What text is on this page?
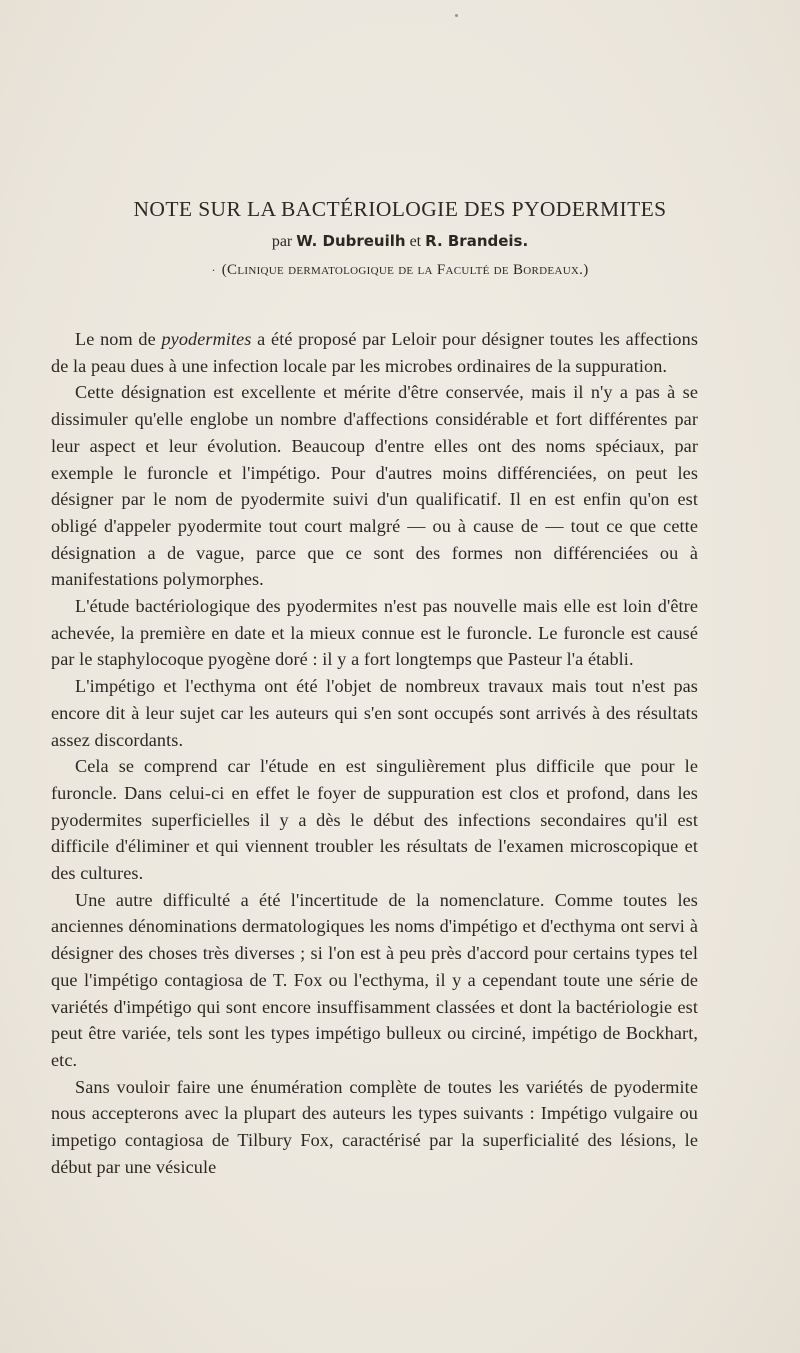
NOTE SUR LA BACTÉRIOLOGIE DES PYODERMITES
par W. Dubreuilh et R. Brandeis.
· (Clinique dermatologique de la Faculté de Bordeaux.)

Le nom de pyodermites a été proposé par Leloir pour désigner toutes les affections de la peau dues à une infection locale par les microbes ordinaires de la suppuration.

Cette désignation est excellente et mérite d'être conservée, mais il n'y a pas à se dissimuler qu'elle englobe un nombre d'affections considérable et fort différentes par leur aspect et leur évolution. Beaucoup d'entre elles ont des noms spéciaux, par exemple le furoncle et l'impétigo. Pour d'autres moins différenciées, on peut les désigner par le nom de pyodermite suivi d'un qualificatif. Il en est enfin qu'on est obligé d'appeler pyodermite tout court malgré — ou à cause de — tout ce que cette désignation a de vague, parce que ce sont des formes non différenciées ou à manifestations polymorphes.

L'étude bactériologique des pyodermites n'est pas nouvelle mais elle est loin d'être achevée, la première en date et la mieux connue est le furoncle. Le furoncle est causé par le staphylocoque pyogène doré : il y a fort longtemps que Pasteur l'a établi.

L'impétigo et l'ecthyma ont été l'objet de nombreux travaux mais tout n'est pas encore dit à leur sujet car les auteurs qui s'en sont occupés sont arrivés à des résultats assez discordants.

Cela se comprend car l'étude en est singulièrement plus difficile que pour le furoncle. Dans celui-ci en effet le foyer de suppuration est clos et profond, dans les pyodermites superficielles il y a dès le début des infections secondaires qu'il est difficile d'éliminer et qui viennent troubler les résultats de l'examen microscopique et des cultures.

Une autre difficulté a été l'incertitude de la nomenclature. Comme toutes les anciennes dénominations dermatologiques les noms d'impétigo et d'ecthyma ont servi à désigner des choses très diverses ; si l'on est à peu près d'accord pour certains types tel que l'impétigo contagiosa de T. Fox ou l'ecthyma, il y a cependant toute une série de variétés d'impétigo qui sont encore insuffisamment classées et dont la bactériologie est peut être variée, tels sont les types impétigo bulleux ou circiné, impétigo de Bockhart, etc.

Sans vouloir faire une énumération complète de toutes les variétés de pyodermite nous accepterons avec la plupart des auteurs les types suivants : Impétigo vulgaire ou impetigo contagiosa de Tilbury Fox, caractérisé par la superficialité des lésions, le début par une vésicule
